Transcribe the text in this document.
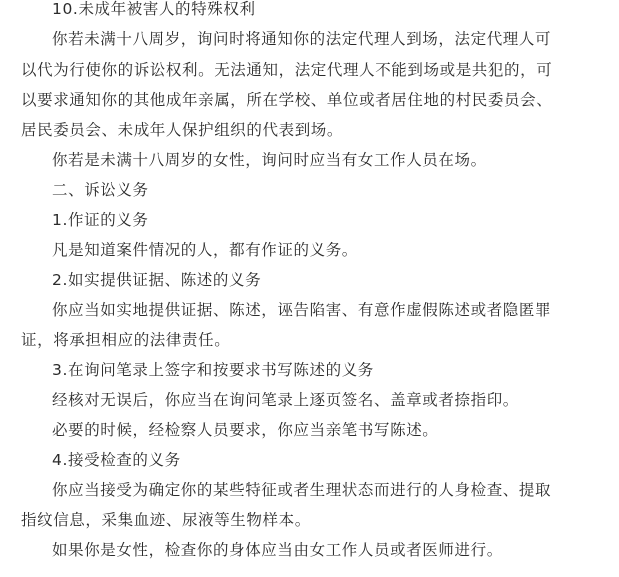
10.未成年被害人的特殊权利
你若未满十八周岁，询问时将通知你的法定代理人到场，法定代理人可
以代为行使你的诉讼权利。无法通知，法定代理人不能到场或是共犯的，可
以要求通知你的其他成年亲属，所在学校、单位或者居住地的村民委员会、
居民委员会、未成年人保护组织的代表到场。
你若是未满十八周岁的女性，询问时应当有女工作人员在场。
二、诉讼义务
1.作证的义务
凡是知道案件情况的人，都有作证的义务。
2.如实提供证据、陈述的义务
你应当如实地提供证据、陈述，诬告陷害、有意作虚假陈述或者隐匿罪
证，将承担相应的法律责任。
3.在询问笔录上签字和按要求书写陈述的义务
经核对无误后，你应当在询问笔录上逐页签名、盖章或者捺指印。
必要的时候，经检察人员要求，你应当亲笔书写陈述。
4.接受检查的义务
你应当接受为确定你的某些特征或者生理状态而进行的人身检查、提取
指纹信息，采集血迹、尿液等生物样本。
如果你是女性，检查你的身体应当由女工作人员或者医师进行。
